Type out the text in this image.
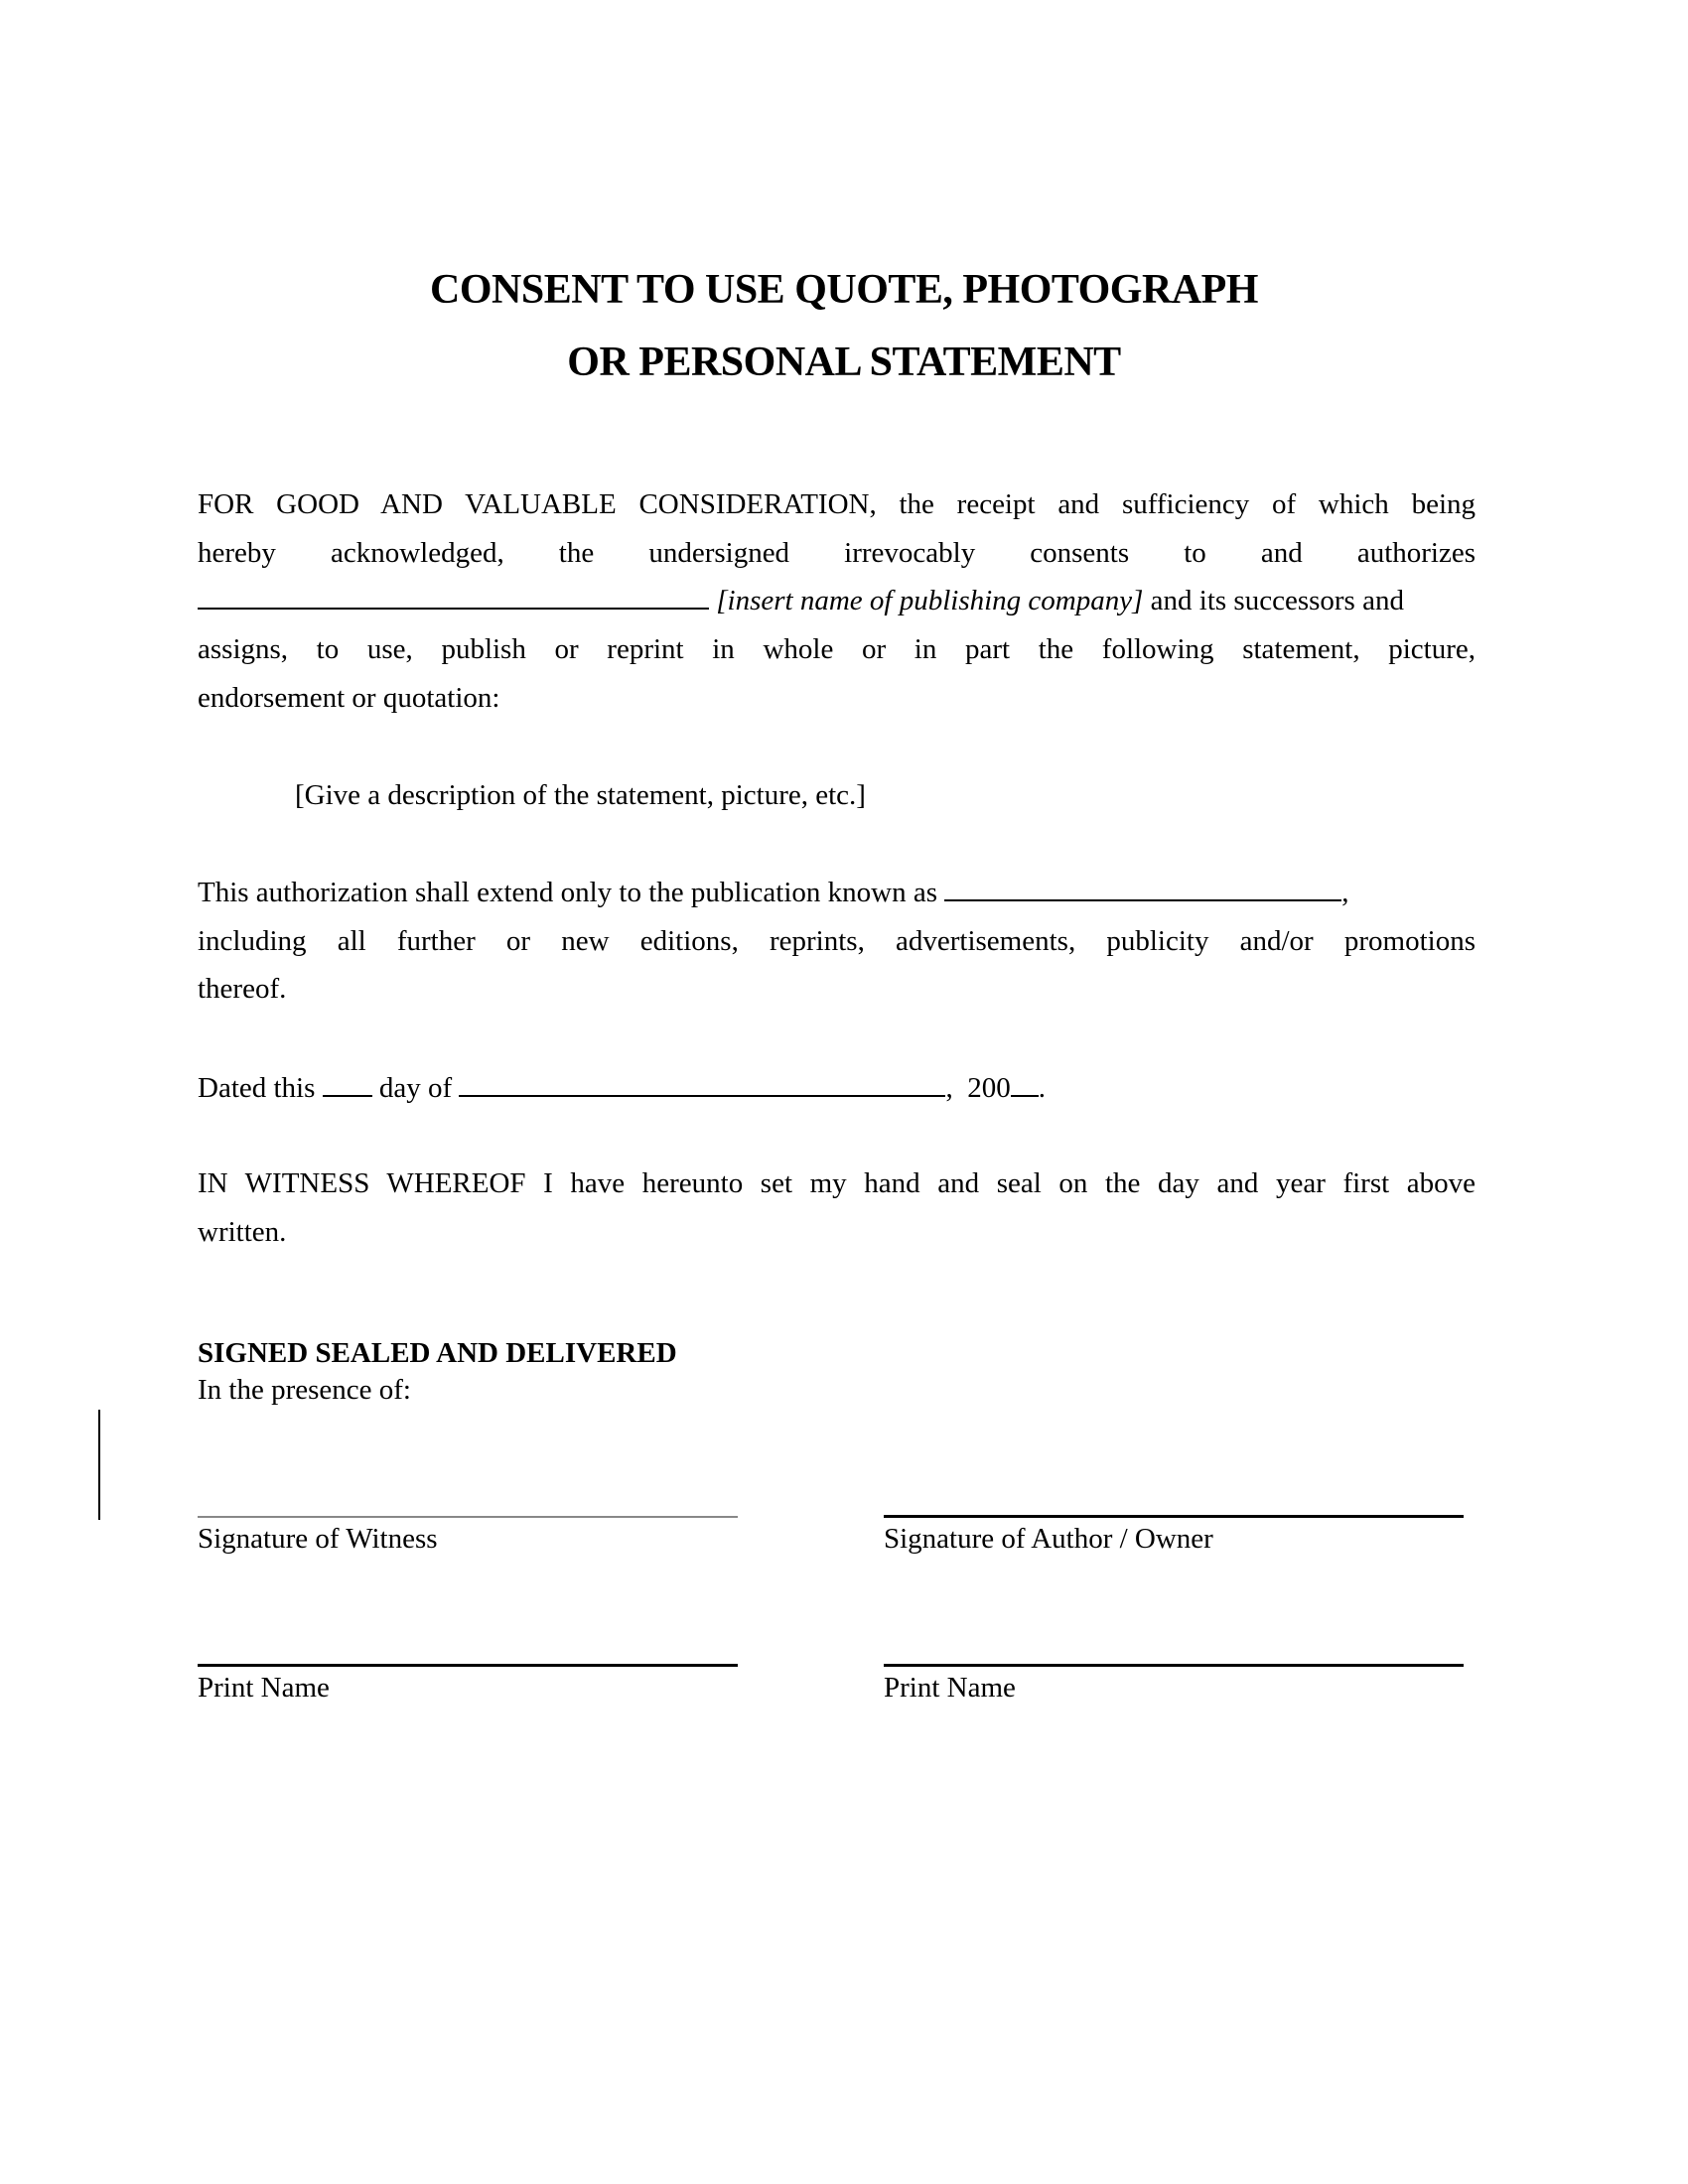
CONSENT TO USE QUOTE, PHOTOGRAPH
OR PERSONAL STATEMENT
FOR GOOD AND VALUABLE CONSIDERATION, the receipt and sufficiency of which being
hereby acknowledged, the undersigned irrevocably consents to and authorizes
[insert name of publishing company] and its successors and
assigns, to use, publish or reprint in whole or in part the following statement, picture,
endorsement or quotation:
[Give a description of the statement, picture, etc.]
This authorization shall extend only to the publication known as	,
including all further or new editions, reprints, advertisements, publicity and/or promotions
thereof.
Dated this day of	, 200 .
IN WITNESS WHEREOF I have hereunto set my hand and seal on the day and year first above
written.
SIGNED SEALED AND DELIVERED
In the presence of:
Signature of Witness	Signature of Author / Owner
Print Name	Print Name
